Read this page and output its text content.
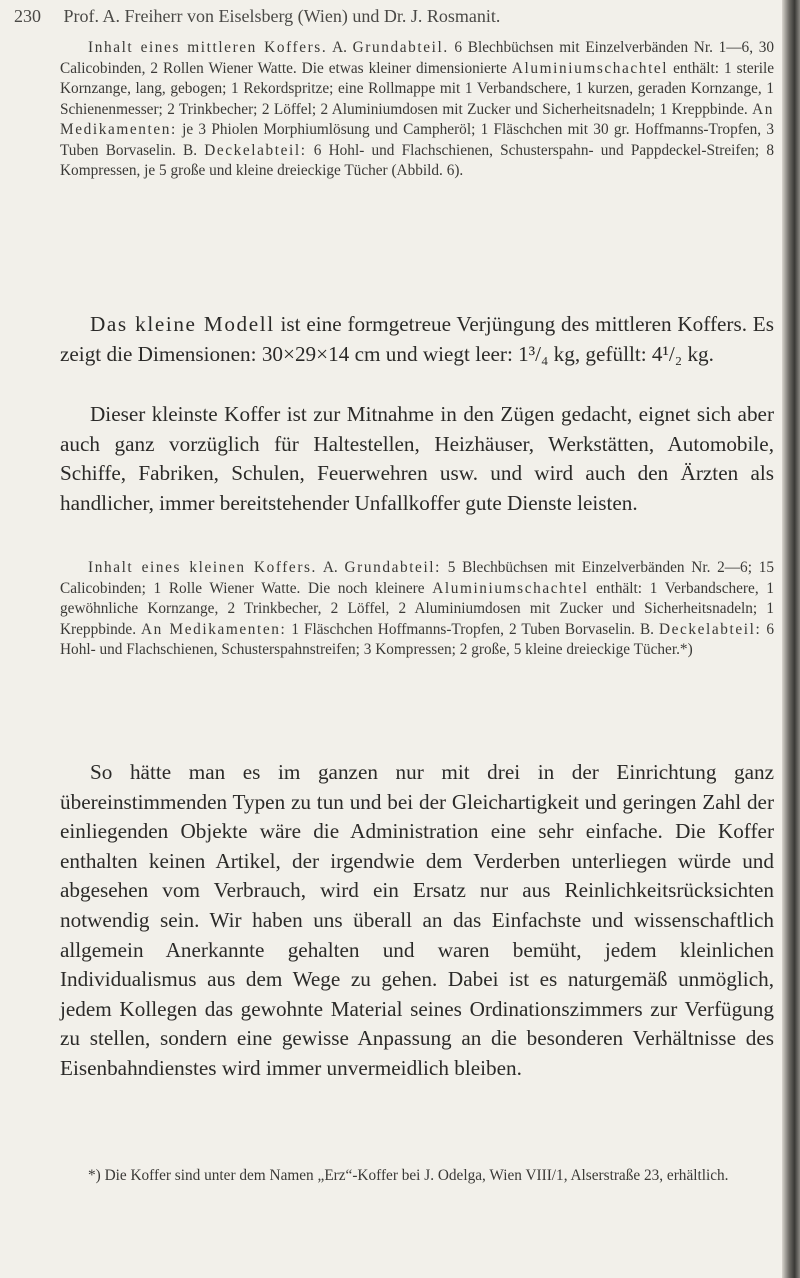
230 Prof. A. Freiherr von Eiselsberg (Wien) und Dr. J. Rosmanit.
Inhalt eines mittleren Koffers. A. Grundabteil. 6 Blechbüchsen mit Einzelverbänden Nr. 1—6, 30 Calicobinden, 2 Rollen Wiener Watte. Die etwas kleiner dimensionierte Aluminiumschachtel enthält: 1 sterile Kornzange, lang, gebogen; 1 Rekordspritze; eine Rollmappe mit 1 Verbandschere, 1 kurzen, geraden Kornzange, 1 Schienenmesser; 2 Trinkbecher; 2 Löffel; 2 Aluminiumdosen mit Zucker und Sicherheitsnadeln; 1 Kreppbinde. An Medikamenten: je 3 Phiolen Morphiumlösung und Campheröl; 1 Fläschchen mit 30 gr. Hoffmanns-Tropfen, 3 Tuben Borvaselin. B. Deckelabteil: 6 Hohl- und Flachschienen, Schusterspahn- und Pappdeckel-Streifen; 8 Kompressen, je 5 große und kleine dreieckige Tücher (Abbild. 6).
Das kleine Modell ist eine formgetreue Verjüngung des mittleren Koffers. Es zeigt die Dimensionen: 30×29×14 cm und wiegt leer: 1³/₄ kg, gefüllt: 4¹/₂ kg.
Dieser kleinste Koffer ist zur Mitnahme in den Zügen gedacht, eignet sich aber auch ganz vorzüglich für Haltestellen, Heizhäuser, Werkstätten, Automobile, Schiffe, Fabriken, Schulen, Feuerwehren usw. und wird auch den Ärzten als handlicher, immer bereitstehender Unfallkoffer gute Dienste leisten.
Inhalt eines kleinen Koffers. A. Grundabteil: 5 Blechbüchsen mit Einzelverbänden Nr. 2—6; 15 Calicobinden; 1 Rolle Wiener Watte. Die noch kleinere Aluminiumschachtel enthält: 1 Verbandschere, 1 gewöhnliche Kornzange, 2 Trinkbecher, 2 Löffel, 2 Aluminiumdosen mit Zucker und Sicherheitsnadeln; 1 Kreppbinde. An Medikamenten: 1 Fläschchen Hoffmanns-Tropfen, 2 Tuben Borvaselin. B. Deckelabteil: 6 Hohl- und Flachschienen, Schusterspahnstreifen; 3 Kompressen; 2 große, 5 kleine dreieckige Tücher.*)
So hätte man es im ganzen nur mit drei in der Einrichtung ganz übereinstimmenden Typen zu tun und bei der Gleichartigkeit und geringen Zahl der einliegenden Objekte wäre die Administration eine sehr einfache. Die Koffer enthalten keinen Artikel, der irgendwie dem Verderben unterliegen würde und abgesehen vom Verbrauch, wird ein Ersatz nur aus Reinlichkeitsrücksichten notwendig sein. Wir haben uns überall an das Einfachste und wissenschaftlich allgemein Anerkannte gehalten und waren bemüht, jedem kleinlichen Individualismus aus dem Wege zu gehen. Dabei ist es naturgemäß unmöglich, jedem Kollegen das gewohnte Material seines Ordinationszimmers zur Verfügung zu stellen, sondern eine gewisse Anpassung an die besonderen Verhältnisse des Eisenbahndienstes wird immer unvermeidlich bleiben.
*) Die Koffer sind unter dem Namen „Erz“-Koffer bei J. Odelga, Wien VIII/1, Alserstraße 23, erhältlich.
